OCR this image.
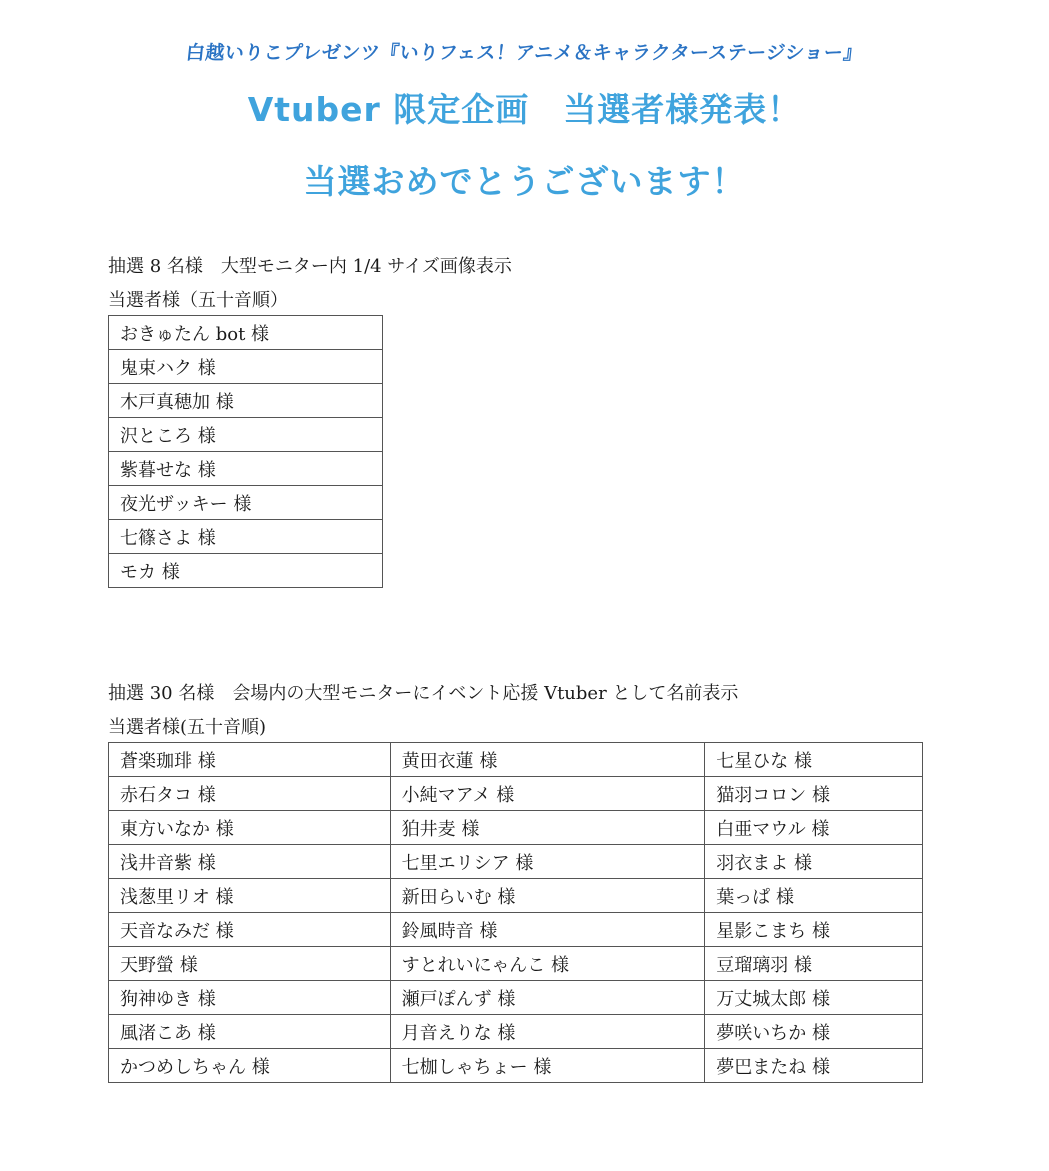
白越いりこプレゼンツ『いりフェス！アニメ＆キャラクターステージショー』
Vtuber 限定企画　当選者様発表！
当選おめでとうございます！
抽選 8 名様　大型モニター内 1/4 サイズ画像表示
当選者様（五十音順）
おきゅたん bot 様
鬼束ハク 様
木戸真穂加 様
沢ところ 様
紫暮せな 様
夜光ザッキー 様
七篠さよ 様
モカ 様
抽選 30 名様　会場内の大型モニターにイベント応援 Vtuber として名前表示
当選者様(五十音順)
蒼楽珈琲 様	黄田衣蓮 様	七星ひな 様
赤石タコ 様	小純マアメ 様	猫羽コロン 様
東方いなか 様	狛井麦 様	白亜マウル 様
浅井音紫 様	七里エリシア 様	羽衣まよ 様
浅葱里リオ 様	新田らいむ 様	葉っぱ 様
天音なみだ 様	鈴風時音 様	星影こまち 様
天野螢 様	すとれいにゃんこ 様	豆瑠璃羽 様
狗神ゆき 様	瀬戸ぽんず 様	万丈城太郎 様
風渚こあ 様	月音えりな 様	夢咲いちか 様
かつめしちゃん 様	七枷しゃちょー 様	夢巴またね 様
